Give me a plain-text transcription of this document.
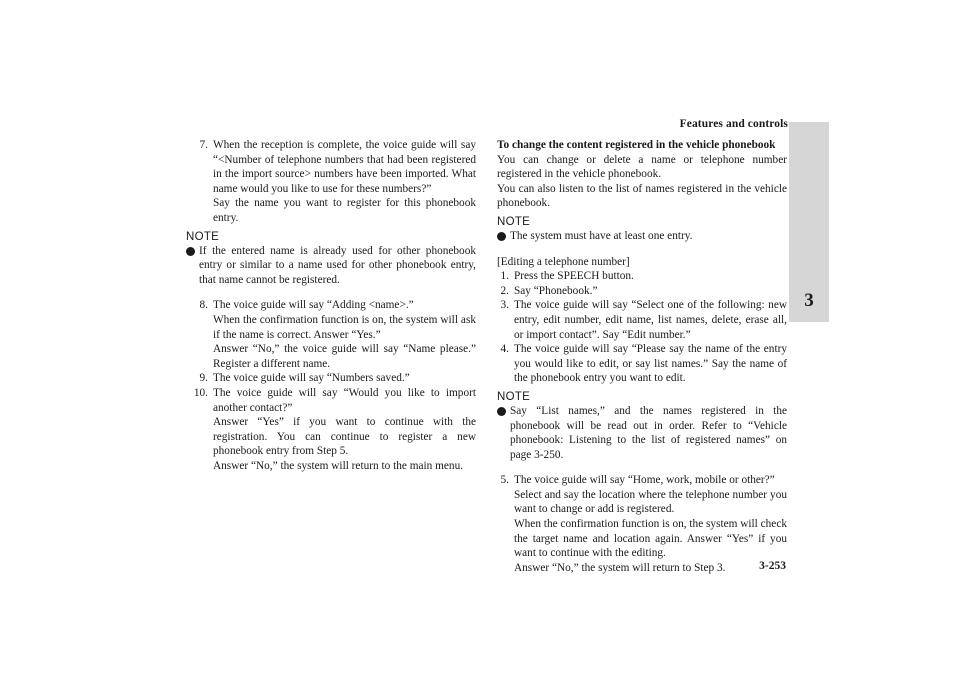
Features and controls
3
7. When the reception is complete, the voice guide will say “<Number of telephone numbers that had been registered in the import source> numbers have been imported. What name would you like to use for these numbers?”

Say the name you want to register for this phonebook entry.

NOTE

If the entered name is already used for other phonebook entry or similar to a name used for other phonebook entry, that name cannot be registered.

8. The voice guide will say “Adding <name>.”

When the confirmation function is on, the system will ask if the name is correct. Answer “Yes.”

Answer “No,” the voice guide will say “Name please.” Register a different name.

9. The voice guide will say “Numbers saved.”

10. The voice guide will say “Would you like to import another contact?”

Answer “Yes” if you want to continue with the registration. You can continue to register a new phonebook entry from Step 5.

Answer “No,” the system will return to the main menu.

To change the content registered in the vehicle phonebook

You can change or delete a name or telephone number registered in the vehicle phonebook.

You can also listen to the list of names registered in the vehicle phonebook.

NOTE

The system must have at least one entry.

[Editing a telephone number]

1. Press the SPEECH button.

2. Say “Phonebook.”

3. The voice guide will say “Select one of the following: new entry, edit number, edit name, list names, delete, erase all, or import contact”. Say “Edit number.”

4. The voice guide will say “Please say the name of the entry you would like to edit, or say list names.” Say the name of the phonebook entry you want to edit.

NOTE

Say “List names,” and the names registered in the phonebook will be read out in order. Refer to “Vehicle phonebook: Listening to the list of registered names” on page 3-250.

5. The voice guide will say “Home, work, mobile or other?”

Select and say the location where the telephone number you want to change or add is registered.

When the confirmation function is on, the system will check the target name and location again. Answer “Yes” if you want to continue with the editing.

Answer “No,” the system will return to Step 3.	3-253
